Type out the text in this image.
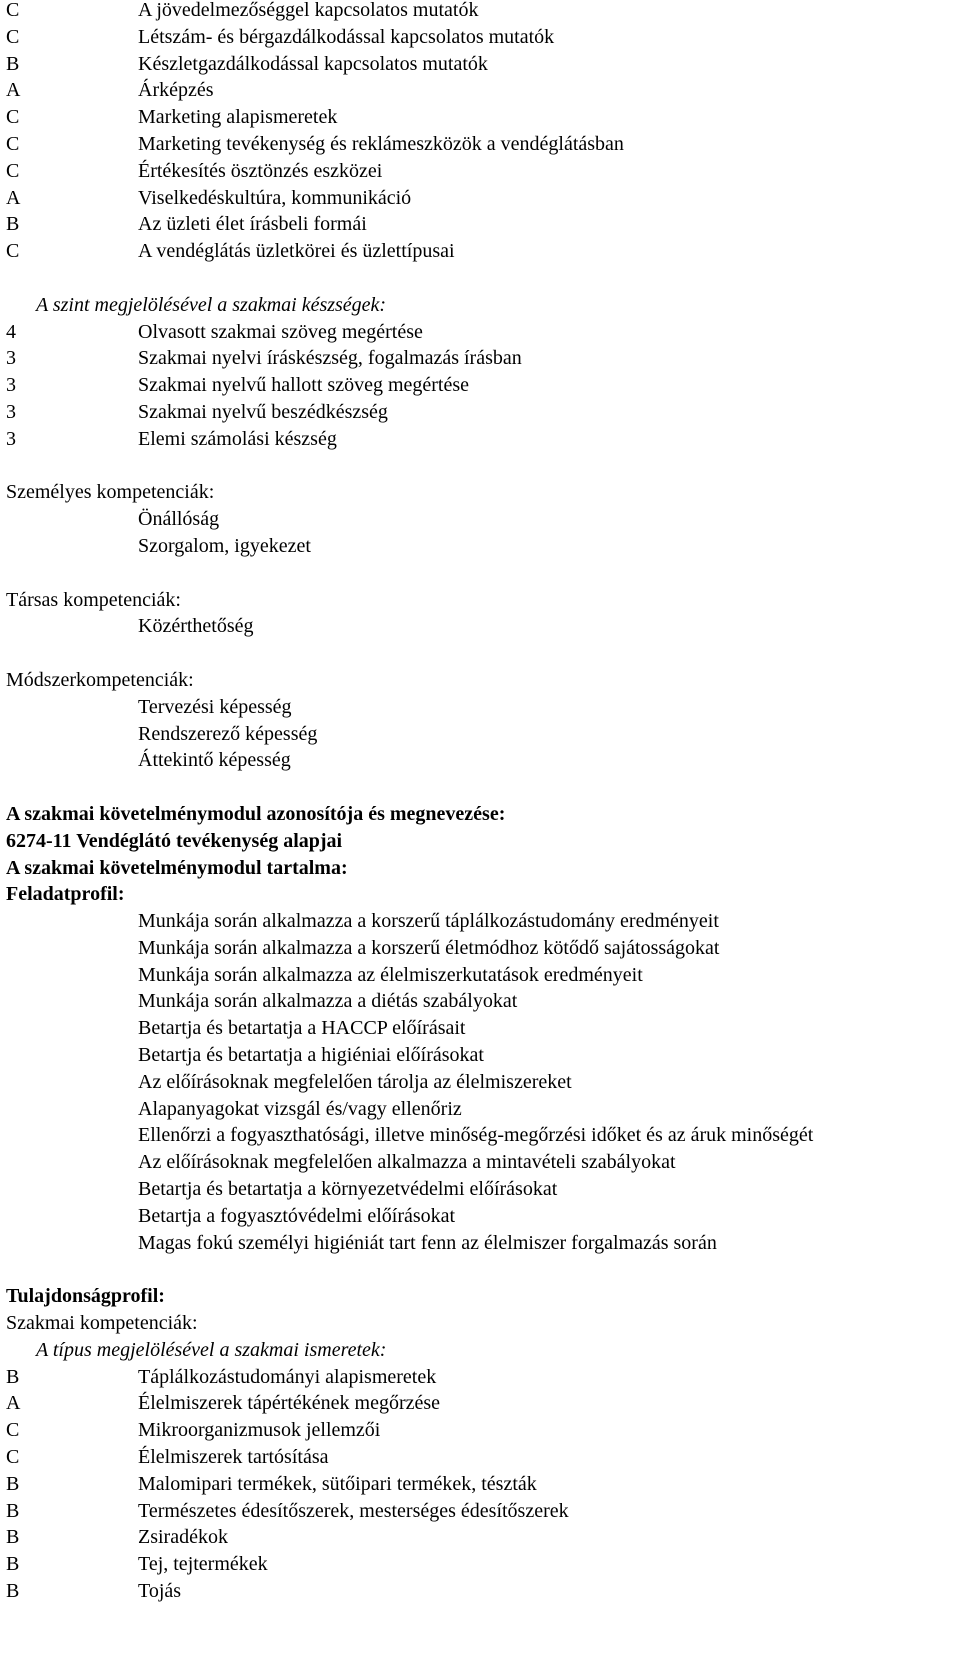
C	A jövedelmezőséggel kapcsolatos mutatók
C	Létszám- és bérgazdálkodással kapcsolatos mutatók
B	Készletgazdálkodással kapcsolatos mutatók
A	Árképzés
C	Marketing alapismeretek
C	Marketing tevékenység és reklámeszközök a vendéglátásban
C	Értékesítés ösztönzés eszközei
A	Viselkedéskultúra, kommunikáció
B	Az üzleti élet írásbeli formái
C	A vendéglátás üzletkörei és üzlettípusai
A szint megjelölésével a szakmai készségek:
4	Olvasott szakmai szöveg megértése
3	Szakmai nyelvi íráskészség, fogalmazás írásban
3	Szakmai nyelvű hallott szöveg megértése
3	Szakmai nyelvű beszédkészség
3	Elemi számolási készség
Személyes kompetenciák:
Önállóság
Szorgalom, igyekezet
Társas kompetenciák:
Közérthetőség
Módszerkompetenciák:
Tervezési képesség
Rendszerező képesség
Áttekintő képesség
A szakmai követelménymodul azonosítója és megnevezése:
6274-11 Vendéglátó tevékenység alapjai
A szakmai követelménymodul tartalma:
Feladatprofil:
Munkája során alkalmazza a korszerű táplálkozástudomány eredményeit
Munkája során alkalmazza a korszerű életmódhoz kötődő sajátosságokat
Munkája során alkalmazza az élelmiszerkutatások eredményeit
Munkája során alkalmazza a diétás szabályokat
Betartja és betartatja a HACCP előírásait
Betartja és betartatja a higiéniai előírásokat
Az előírásoknak megfelelően tárolja az élelmiszereket
Alapanyagokat vizsgál és/vagy ellenőriz
Ellenőrzi a fogyaszthatósági, illetve minőség-megőrzési időket és az áruk minőségét
Az előírásoknak megfelelően alkalmazza a mintavételi szabályokat
Betartja és betartatja a környezetvédelmi előírásokat
Betartja a fogyasztóvédelmi előírásokat
Magas fokú személyi higiéniát tart fenn az élelmiszer forgalmazás során
Tulajdonságprofil:
Szakmai kompetenciák:
A típus megjelölésével a szakmai ismeretek:
B	Táplálkozástudományi alapismeretek
A	Élelmiszerek tápértékének megőrzése
C	Mikroorganizmusok jellemzői
C	Élelmiszerek tartósítása
B	Malomipari termékek, sütőipari termékek, tészták
B	Természetes édesítőszerek, mesterséges édesítőszerek
B	Zsiradékok
B	Tej, tejtermékek
B	Tojás
